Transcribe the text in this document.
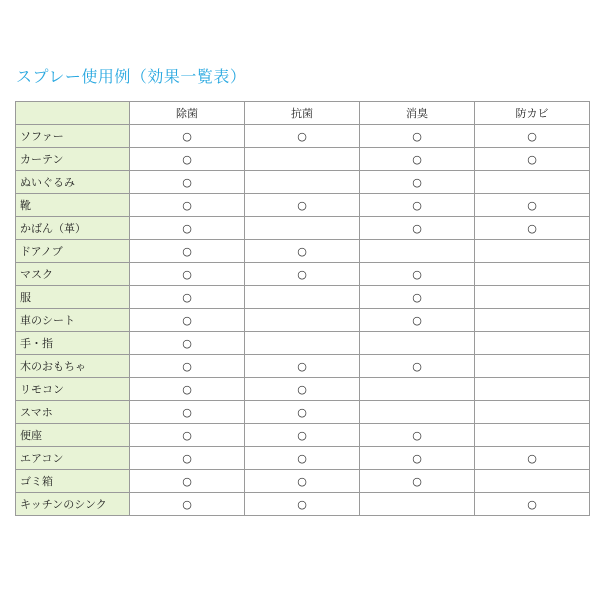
スプレー使用例（効果一覧表）
	除菌	抗菌	消臭	防カビ
ソファー	○	○	○	○
カーテン	○		○	○
ぬいぐるみ	○		○	
靴	○	○	○	○
かばん（革）	○		○	○
ドアノブ	○	○		
マスク	○	○	○	
服	○		○	
車のシート	○		○	
手・指	○			
木のおもちゃ	○	○	○	
リモコン	○	○		
スマホ	○	○		
便座	○	○	○	
エアコン	○	○	○	○
ゴミ箱	○	○	○	
キッチンのシンク	○	○		○
